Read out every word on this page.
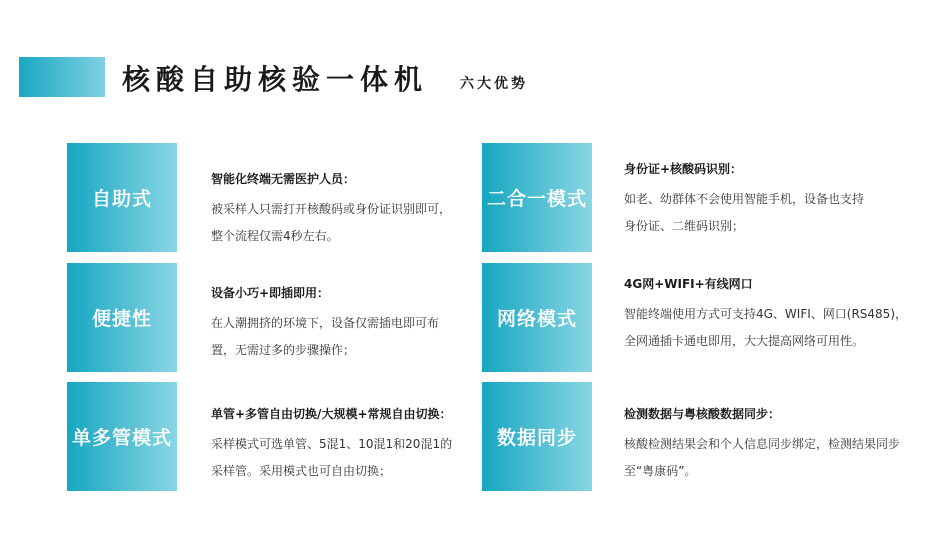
核酸自助核验一体机 六大优势
自助式
智能化终端无需医护人员：
被采样人只需打开核酸码或身份证识别即可， 整个流程仅需4秒左右。
便捷性
设备小巧+即插即用：
在人潮拥挤的环境下，设备仅需插电即可布置，无需过多的步骤操作；
单多管模式
单管+多管自由切换/大规模+常规自由切换：
采样模式可选单管、5混1、10混1和20混1的采样管。采用模式也可自由切换；
二合一模式
身份证+核酸码识别：
如老、幼群体不会使用智能手机，设备也支持身份证、二维码识别；
网络模式
4G网+WIFI+有线网口
智能终端使用方式可支持4G、WIFI、网口(RS485)，全网通插卡通电即用，大大提高网络可用性。
数据同步
检测数据与粤核酸数据同步：
核酸检测结果会和个人信息同步绑定，检测结果同步至“粤康码”。
